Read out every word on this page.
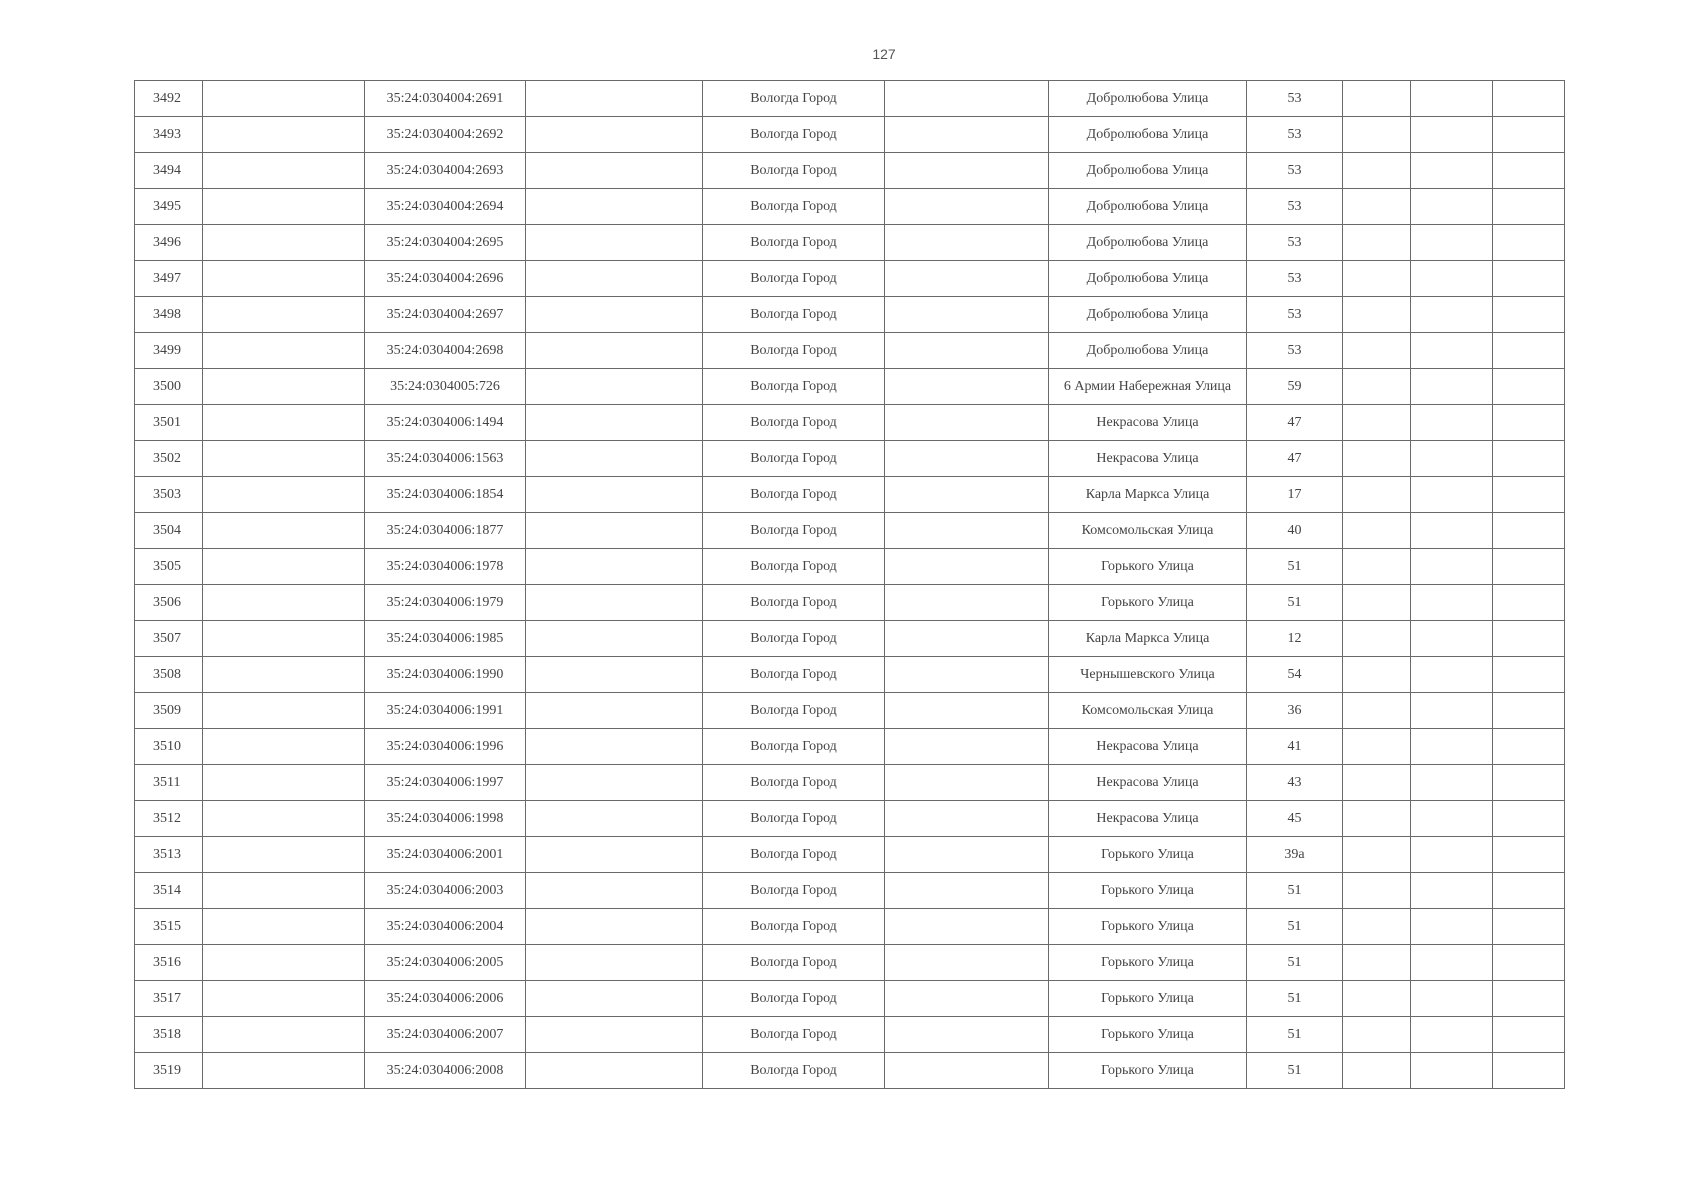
127
3492		35:24:0304004:2691		Вологда Город		Добролюбова Улица	53			
3493		35:24:0304004:2692		Вологда Город		Добролюбова Улица	53			
3494		35:24:0304004:2693		Вологда Город		Добролюбова Улица	53			
3495		35:24:0304004:2694		Вологда Город		Добролюбова Улица	53			
3496		35:24:0304004:2695		Вологда Город		Добролюбова Улица	53			
3497		35:24:0304004:2696		Вологда Город		Добролюбова Улица	53			
3498		35:24:0304004:2697		Вологда Город		Добролюбова Улица	53			
3499		35:24:0304004:2698		Вологда Город		Добролюбова Улица	53			
3500		35:24:0304005:726		Вологда Город		6 Армии Набережная Улица	59			
3501		35:24:0304006:1494		Вологда Город		Некрасова Улица	47			
3502		35:24:0304006:1563		Вологда Город		Некрасова Улица	47			
3503		35:24:0304006:1854		Вологда Город		Карла Маркса Улица	17			
3504		35:24:0304006:1877		Вологда Город		Комсомольская Улица	40			
3505		35:24:0304006:1978		Вологда Город		Горького Улица	51			
3506		35:24:0304006:1979		Вологда Город		Горького Улица	51			
3507		35:24:0304006:1985		Вологда Город		Карла Маркса Улица	12			
3508		35:24:0304006:1990		Вологда Город		Чернышевского Улица	54			
3509		35:24:0304006:1991		Вологда Город		Комсомольская Улица	36			
3510		35:24:0304006:1996		Вологда Город		Некрасова Улица	41			
3511		35:24:0304006:1997		Вологда Город		Некрасова Улица	43			
3512		35:24:0304006:1998		Вологда Город		Некрасова Улица	45			
3513		35:24:0304006:2001		Вологда Город		Горького Улица	39а			
3514		35:24:0304006:2003		Вологда Город		Горького Улица	51			
3515		35:24:0304006:2004		Вологда Город		Горького Улица	51			
3516		35:24:0304006:2005		Вологда Город		Горького Улица	51			
3517		35:24:0304006:2006		Вологда Город		Горького Улица	51			
3518		35:24:0304006:2007		Вологда Город		Горького Улица	51			
3519		35:24:0304006:2008		Вологда Город		Горького Улица	51			
